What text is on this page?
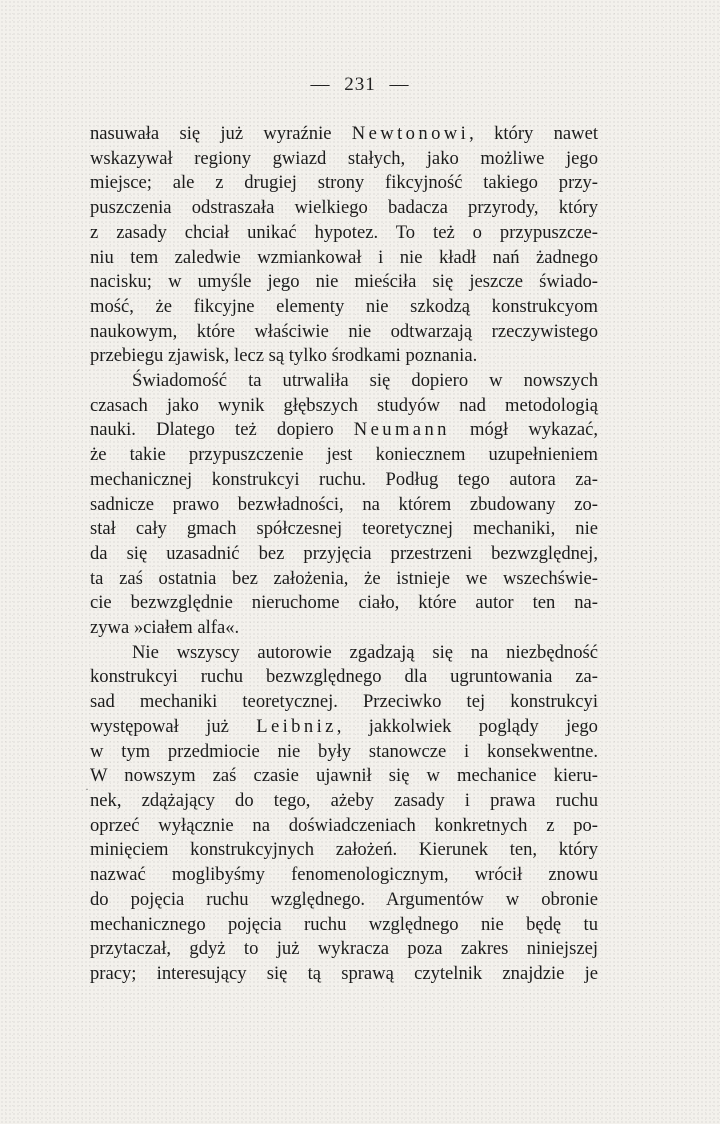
— 231 —
nasuwała się już wyraźnie Newtonowi, który nawet
wskazywał regiony gwiazd stałych, jako możliwe jego
miejsce; ale z drugiej strony fikcyjność takiego przy-
puszczenia odstraszała wielkiego badacza przyrody, który
z zasady chciał unikać hypotez. To też o przypuszcze-
niu tem zaledwie wzmiankował i nie kładł nań żadnego
nacisku; w umyśle jego nie mieściła się jeszcze świado-
mość, że fikcyjne elementy nie szkodzą konstrukcyom
naukowym, które właściwie nie odtwarzają rzeczywistego
przebiegu zjawisk, lecz są tylko środkami poznania.
Świadomość ta utrwaliła się dopiero w nowszych
czasach jako wynik głębszych studyów nad metodologią
nauki. Dlatego też dopiero Neumann mógł wykazać,
że takie przypuszczenie jest koniecznem uzupełnieniem
mechanicznej konstrukcyi ruchu. Podług tego autora za-
sadnicze prawo bezwładności, na którem zbudowany zo-
stał cały gmach spółczesnej teoretycznej mechaniki, nie
da się uzasadnić bez przyjęcia przestrzeni bezwzględnej,
ta zaś ostatnia bez założenia, że istnieje we wszechświe-
cie bezwzględnie nieruchome ciało, które autor ten na-
zywa »ciałem alfa«.
Nie wszyscy autorowie zgadzają się na niezbędność
konstrukcyi ruchu bezwzględnego dla ugruntowania za-
sad mechaniki teoretycznej. Przeciwko tej konstrukcyi
występował już Leibniz, jakkolwiek poglądy jego
w tym przedmiocie nie były stanowcze i konsekwentne.
W nowszym zaś czasie ujawnił się w mechanice kieru-
nek, zdążający do tego, ażeby zasady i prawa ruchu
oprzeć wyłącznie na doświadczeniach konkretnych z po-
minięciem konstrukcyjnych założeń. Kierunek ten, który
nazwać moglibyśmy fenomenologicznym, wrócił znowu
do pojęcia ruchu względnego. Argumentów w obronie
mechanicznego pojęcia ruchu względnego nie będę tu
przytaczał, gdyż to już wykracza poza zakres niniejszej
pracy; interesujący się tą sprawą czytelnik znajdzie je
·
